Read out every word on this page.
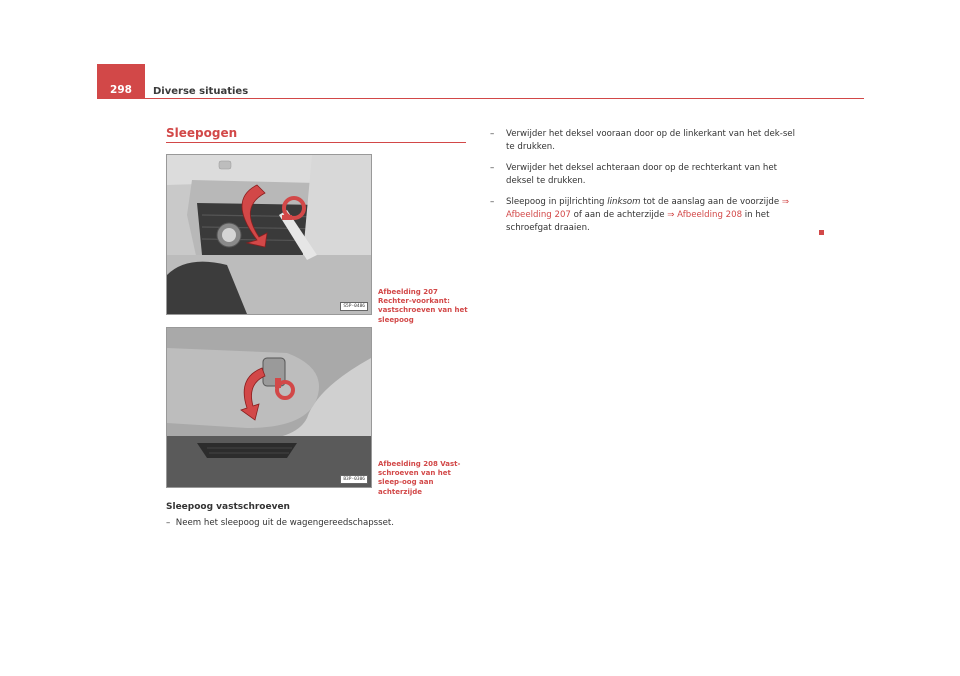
298	Diverse situaties
Sleepogen
S5P-0486
Afbeelding 207 Rechter-voorkant: vastschroeven van het sleepoog
B3P-0306
Afbeelding 208 Vast-schroeven van het sleep-oog aan achterzijde
Sleepoog vastschroeven
–  Neem het sleepoog uit de wagengereedschapsset.
–	Verwijder het deksel vooraan door op de linkerkant van het dek-sel te drukken.
–	Verwijder het deksel achteraan door op de rechterkant van het deksel te drukken.
–	Sleepoog in pijlrichting linksom tot de aanslag aan de voorzijde ⇒ Afbeelding 207 of aan de achterzijde ⇒ Afbeelding 208 in het schroefgat draaien.
